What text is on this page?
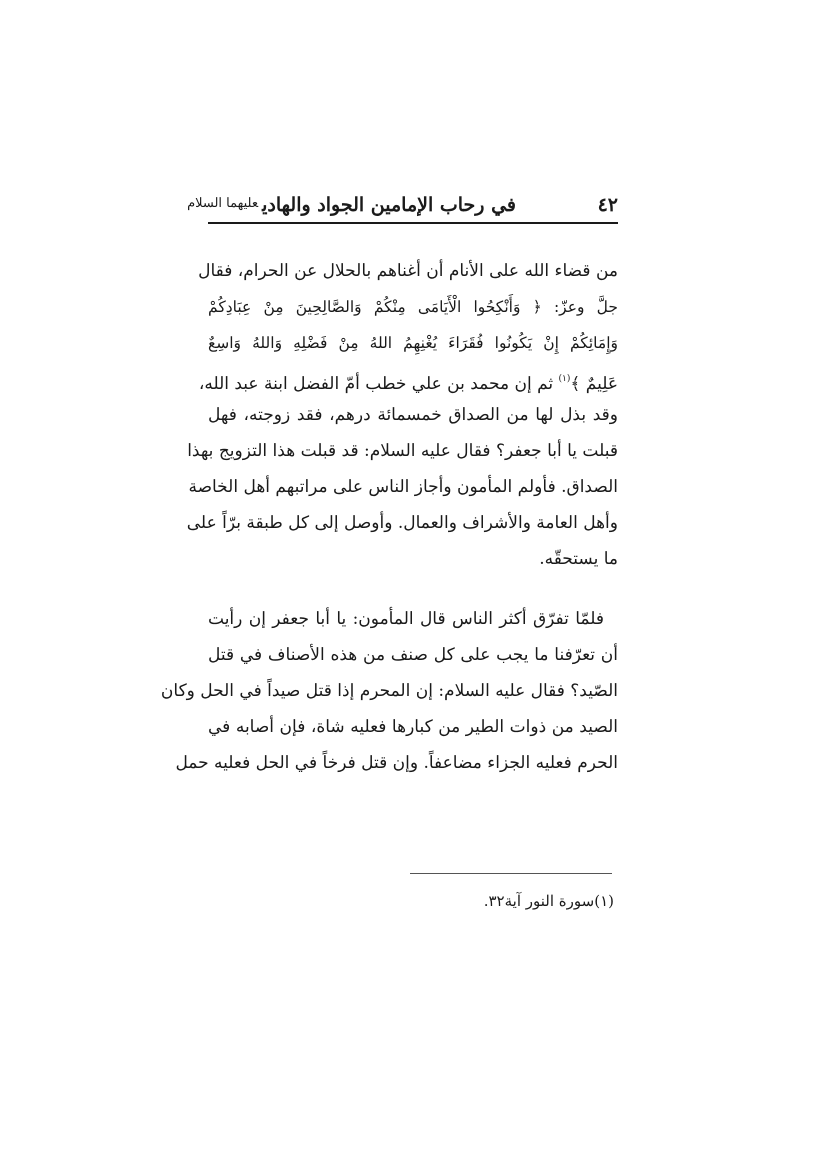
٤٢
في رحاب الإمامين الجواد والهادي$^{عليهما السلام}$
من قضاء الله على الأنام أن أغناهم بالحلال عن الحرام، فقال
جلَّ وعزّ: ﴿ وَأَنْكِحُوا الْأَيَامَى مِنْكُمْ وَالصَّالِحِينَ مِنْ عِبَادِكُمْ
وَإِمَائِكُمْ إِنْ يَكُونُوا فُقَرَاءَ يُغْنِهِمُ اللهُ مِنْ فَضْلِهِ وَاللهُ وَاسِعٌ
عَلِيمٌ ﴾$^{(١)}$ ثم إن محمد بن علي خطب أمّ الفضل ابنة عبد الله،
وقد بذل لها من الصداق خمسمائة درهم، فقد زوجته، فهل
قبلت يا أبا جعفر؟ فقال عليه السلام: قد قبلت هذا التزويج بهذا
الصداق. فأولم المأمون وأجاز الناس على مراتبهم أهل الخاصة
وأهل العامة والأشراف والعمال. وأوصل إلى كل طبقة برّاً على
ما يستحقّه.
فلمّا تفرّق أكثر الناس قال المأمون: يا أبا جعفر إن رأيت
أن تعرّفنا ما يجب على كل صنف من هذه الأصناف في قتل
الصّيد؟ فقال عليه السلام: إن المحرم إذا قتل صيداً في الحل وكان
الصيد من ذوات الطير من كبارها فعليه شاة، فإن أصابه في
الحرم فعليه الجزاء مضاعفاً. وإن قتل فرخاً في الحل فعليه حمل
(١)سورة النور آية٣٢.
